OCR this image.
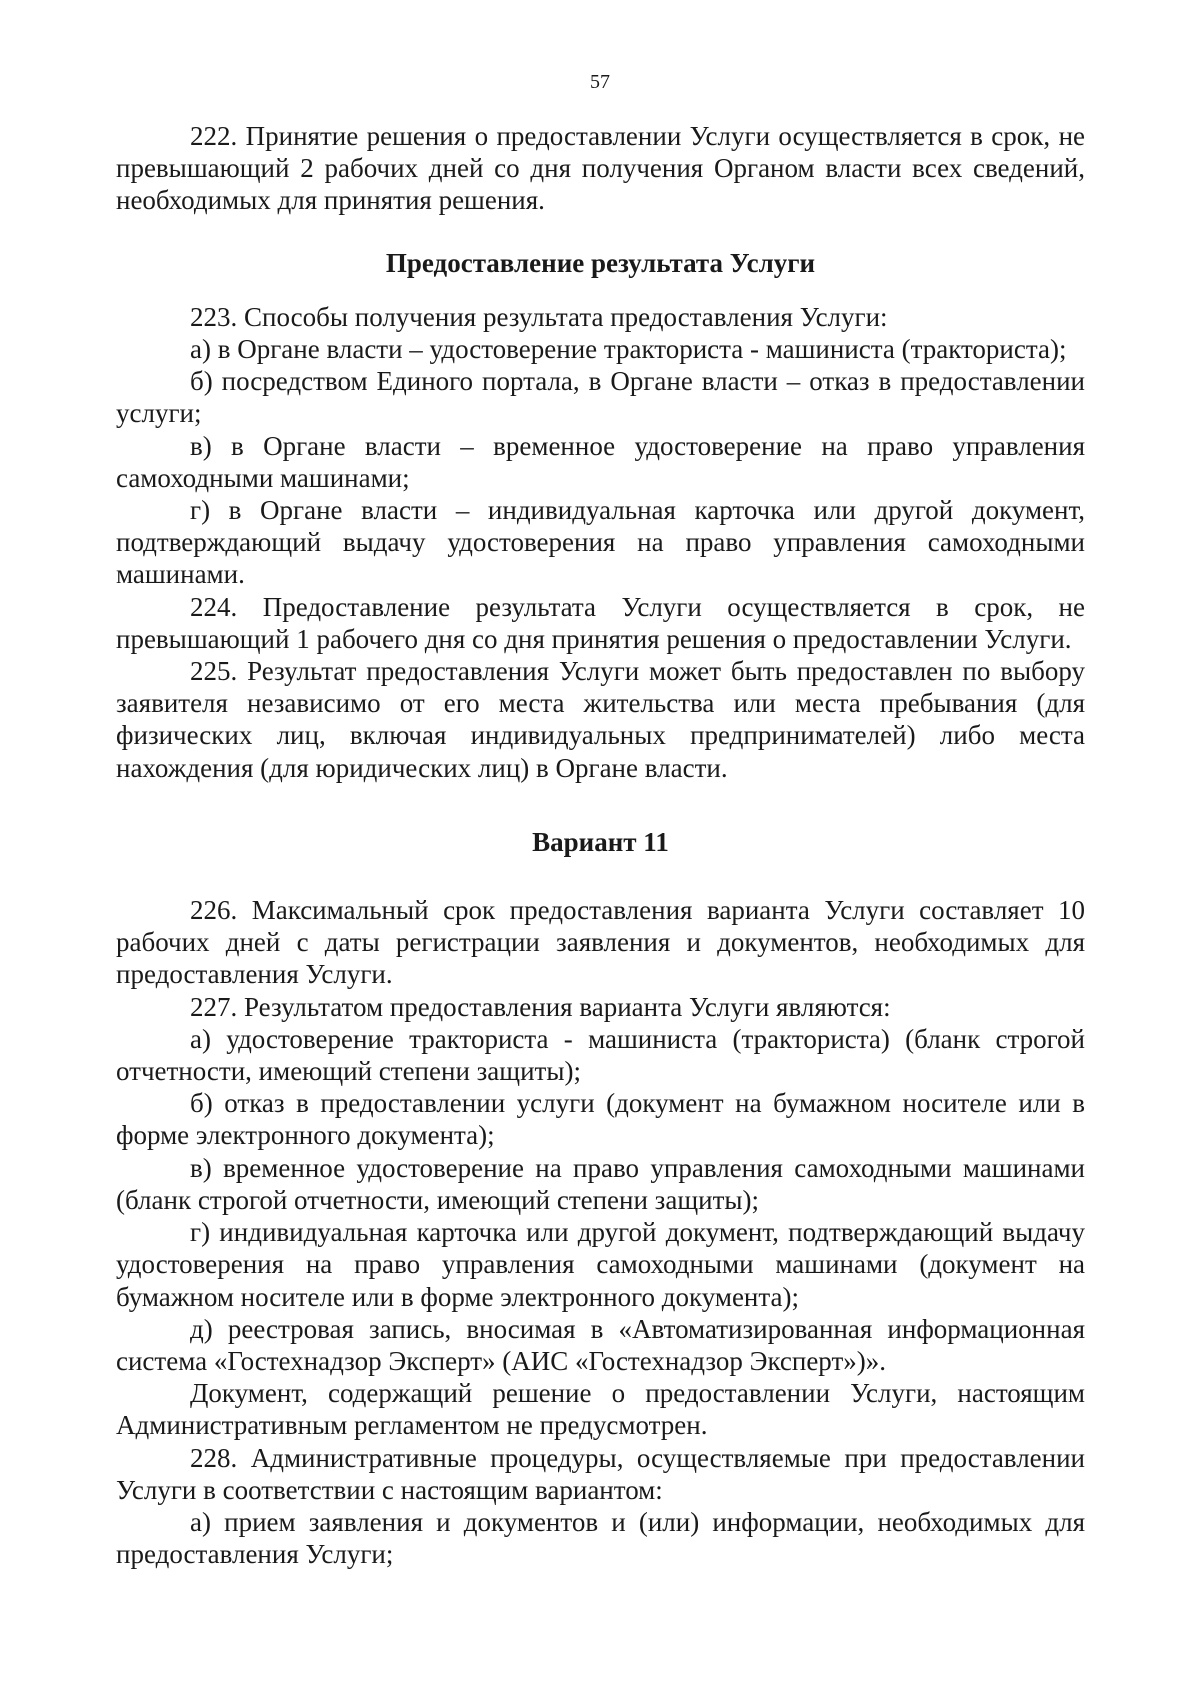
57

222. Принятие решения о предоставлении Услуги осуществляется в срок, не превышающий 2 рабочих дней со дня получения Органом власти всех сведений, необходимых для принятия решения.

Предоставление результата Услуги

223. Способы получения результата предоставления Услуги:

а) в Органе власти – удостоверение тракториста - машиниста (тракториста);

б) посредством Единого портала, в Органе власти – отказ в предоставлении услуги;

в) в Органе власти – временное удостоверение на право управления самоходными машинами;

г) в Органе власти – индивидуальная карточка или другой документ, подтверждающий выдачу удостоверения на право управления самоходными машинами.

224. Предоставление результата Услуги осуществляется в срок, не превышающий 1 рабочего дня со дня принятия решения о предоставлении Услуги.

225. Результат предоставления Услуги может быть предоставлен по выбору заявителя независимо от его места жительства или места пребывания (для физических лиц, включая индивидуальных предпринимателей) либо места нахождения (для юридических лиц) в Органе власти.

Вариант 11

226. Максимальный срок предоставления варианта Услуги составляет 10 рабочих дней с даты регистрации заявления и документов, необходимых для предоставления Услуги.

227. Результатом предоставления варианта Услуги являются:

а) удостоверение тракториста - машиниста (тракториста) (бланк строгой отчетности, имеющий степени защиты);

б) отказ в предоставлении услуги (документ на бумажном носителе или в форме электронного документа);

в) временное удостоверение на право управления самоходными машинами (бланк строгой отчетности, имеющий степени защиты);

г) индивидуальная карточка или другой документ, подтверждающий выдачу удостоверения на право управления самоходными машинами (документ на бумажном носителе или в форме электронного документа);

д) реестровая запись, вносимая в «Автоматизированная информационная система «Гостехнадзор Эксперт» (АИС «Гостехнадзор Эксперт»)».

Документ, содержащий решение о предоставлении Услуги, настоящим Административным регламентом не предусмотрен.

228. Административные процедуры, осуществляемые при предоставлении Услуги в соответствии с настоящим вариантом:

а) прием заявления и документов и (или) информации, необходимых для предоставления Услуги;
